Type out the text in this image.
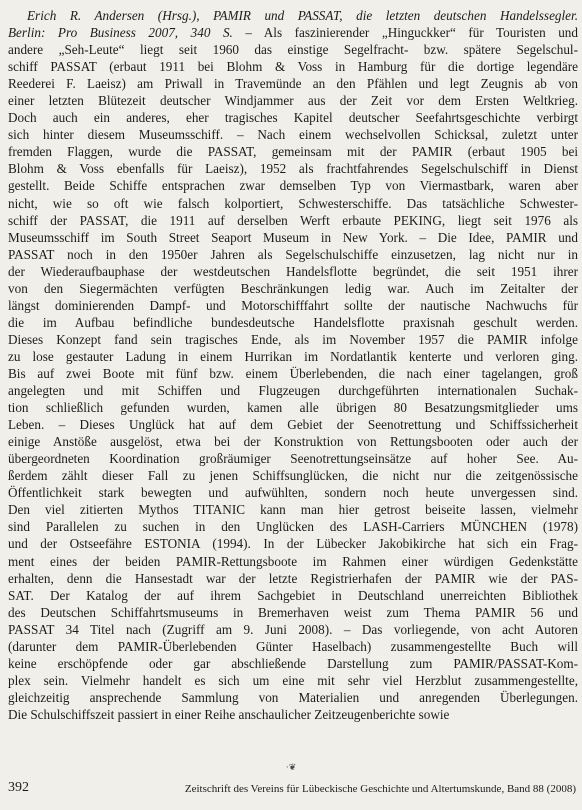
Erich R. Andersen (Hrsg.), PAMIR und PASSAT, die letzten deutschen Handelssegler.
Berlin: Pro Business 2007, 340 S. – Als faszinierender „Hinguckker“ für Touristen und
andere „Seh-Leute“ liegt seit 1960 das einstige Segelfracht- bzw. spätere Segelschul-
schiff PASSAT (erbaut 1911 bei Blohm & Voss in Hamburg für die dortige legendäre
Reederei F. Laeisz) am Priwall in Travemünde an den Pfählen und legt Zeugnis ab von
einer letzten Blütezeit deutscher Windjammer aus der Zeit vor dem Ersten Weltkrieg.
Doch auch ein anderes, eher tragisches Kapitel deutscher Seefahrtsgeschichte verbirgt
sich hinter diesem Museumsschiff. – Nach einem wechselvollen Schicksal, zuletzt unter
fremden Flaggen, wurde die PASSAT, gemeinsam mit der PAMIR (erbaut 1905 bei
Blohm & Voss ebenfalls für Laeisz), 1952 als frachtfahrendes Segelschulschiff in Dienst
gestellt. Beide Schiffe entsprachen zwar demselben Typ von Viermastbark, waren aber
nicht, wie so oft wie falsch kolportiert, Schwesterschiffe. Das tatsächliche Schwester-
schiff der PASSAT, die 1911 auf derselben Werft erbaute PEKING, liegt seit 1976 als
Museumsschiff im South Street Seaport Museum in New York. – Die Idee, PAMIR und
PASSAT noch in den 1950er Jahren als Segelschulschiffe einzusetzen, lag nicht nur in
der Wiederaufbauphase der westdeutschen Handelsflotte begründet, die seit 1951 ihrer
von den Siegermächten verfügten Beschränkungen ledig war. Auch im Zeitalter der
längst dominierenden Dampf- und Motorschifffahrt sollte der nautische Nachwuchs für
die im Aufbau befindliche bundesdeutsche Handelsflotte praxisnah geschult werden.
Dieses Konzept fand sein tragisches Ende, als im November 1957 die PAMIR infolge
zu lose gestauter Ladung in einem Hurrikan im Nordatlantik kenterte und verloren ging.
Bis auf zwei Boote mit fünf bzw. einem Überlebenden, die nach einer tagelangen, groß
angelegten und mit Schiffen und Flugzeugen durchgeführten internationalen Suchak-
tion schließlich gefunden wurden, kamen alle übrigen 80 Besatzungsmitglieder ums
Leben. – Dieses Unglück hat auf dem Gebiet der Seenotrettung und Schiffssicherheit
einige Anstöße ausgelöst, etwa bei der Konstruktion von Rettungsbooten oder auch der
übergeordneten Koordination großräumiger Seenotrettungseinsätze auf hoher See. Au-
ßerdem zählt dieser Fall zu jenen Schiffsunglücken, die nicht nur die zeitgenössische
Öffentlichkeit stark bewegten und aufwühlten, sondern noch heute unvergessen sind.
Den viel zitierten Mythos TITANIC kann man hier getrost beiseite lassen, vielmehr
sind Parallelen zu suchen in den Unglücken des LASH-Carriers MÜNCHEN (1978)
und der Ostseefähre ESTONIA (1994). In der Lübecker Jakobikirche hat sich ein Frag-
ment eines der beiden PAMIR-Rettungsboote im Rahmen einer würdigen Gedenkstätte
erhalten, denn die Hansestadt war der letzte Registrierhafen der PAMIR wie der PAS-
SAT. Der Katalog der auf ihrem Sachgebiet in Deutschland unerreichten Bibliothek
des Deutschen Schiffahrtsmuseums in Bremerhaven weist zum Thema PAMIR 56 und
PASSAT 34 Titel nach (Zugriff am 9. Juni 2008). – Das vorliegende, von acht Autoren
(darunter dem PAMIR-Überlebenden Günter Haselbach) zusammengestellte Buch will
keine erschöpfende oder gar abschließende Darstellung zum PAMIR/PASSAT-Kom-
plex sein. Vielmehr handelt es sich um eine mit sehr viel Herzblut zusammengestellte,
gleichzeitig ansprechende Sammlung von Materialien und anregenden Überlegungen.
Die Schulschiffszeit passiert in einer Reihe anschaulicher Zeitzeugenberichte sowie
·❦
392	Zeitschrift des Vereins für Lübeckische Geschichte und Altertumskunde, Band 88 (2008)
